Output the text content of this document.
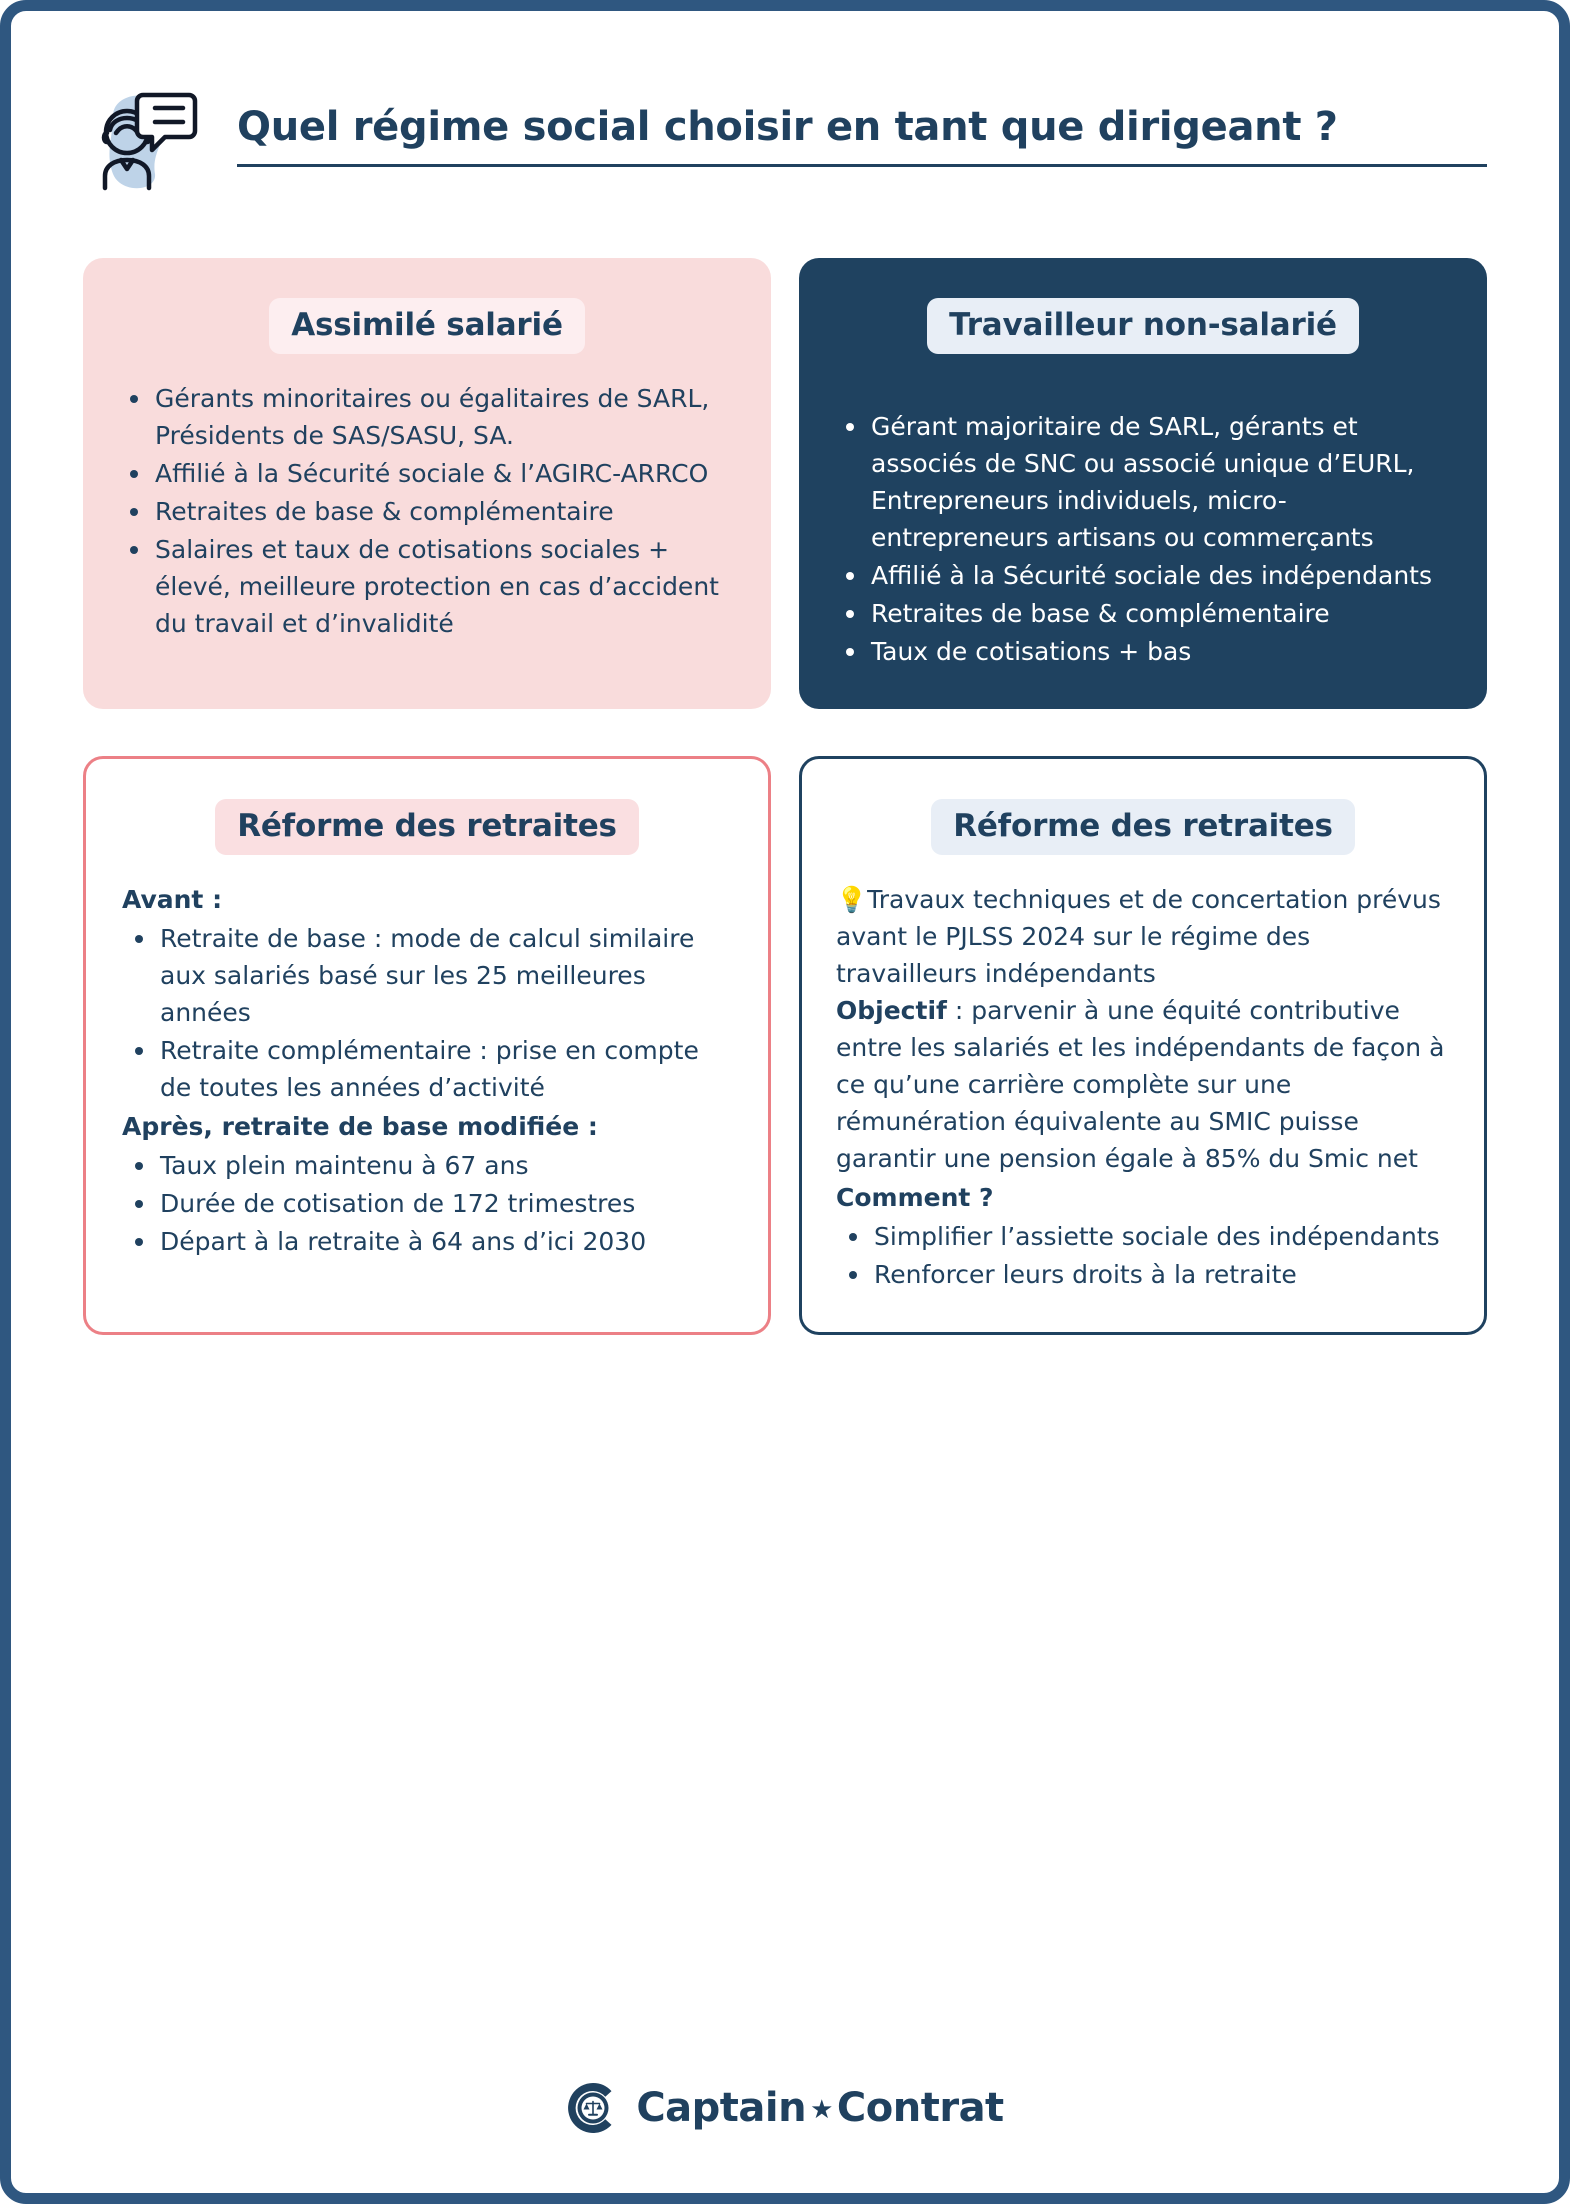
Quel régime social choisir en tant que dirigeant ?
Assimilé salarié
Gérants minoritaires ou égalitaires de SARL, Présidents de SAS/SASU, SA.
Affilié à la Sécurité sociale & l’AGIRC-ARRCO
Retraites de base & complémentaire
Salaires et taux de cotisations sociales + élevé, meilleure protection en cas d’accident du travail et d’invalidité
Travailleur non-salarié
Gérant majoritaire de SARL, gérants et associés de SNC ou associé unique d’EURL, Entrepreneurs individuels, micro-entrepreneurs artisans ou commerçants
Affilié à la Sécurité sociale des indépendants
Retraites de base & complémentaire
Taux de cotisations + bas
Réforme des retraites
Avant :
Retraite de base : mode de calcul similaire aux salariés basé sur les 25 meilleures années
Retraite complémentaire : prise en compte de toutes les années d’activité
Après, retraite de base modifiée :
Taux plein maintenu à 67 ans
Durée de cotisation de 172 trimestres
Départ à la retraite à 64 ans d’ici 2030
Réforme des retraites
💡Travaux techniques et de concertation prévus avant le PJLSS 2024 sur le régime des travailleurs indépendants
Objectif : parvenir à une équité contributive entre les salariés et les indépendants de façon à ce qu’une carrière complète sur une rémunération équivalente au SMIC puisse garantir une pension égale à 85% du Smic net
Comment ?
Simplifier l’assiette sociale des indépendants
Renforcer leurs droits à la retraite
Captain ★ Contrat
